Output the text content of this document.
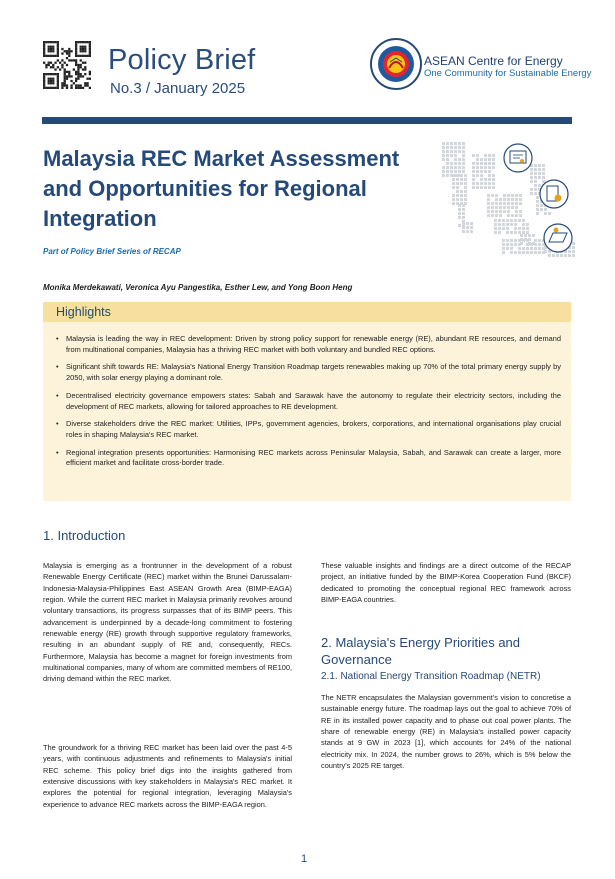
Policy Brief
No.3 / January 2025
ASEAN Centre for Energy
One Community for Sustainable Energy
Malaysia REC Market Assessment and Opportunities for Regional Integration
Part of Policy Brief Series of RECAP
Monika Merdekawati, Veronica Ayu Pangestika, Esther Lew, and Yong Boon Heng
Highlights
• Malaysia is leading the way in REC development: Driven by strong policy support for renewable energy (RE), abundant RE resources, and demand from multinational companies, Malaysia has a thriving REC market with both voluntary and bundled REC options.
• Significant shift towards RE: Malaysia's National Energy Transition Roadmap targets renewables making up 70% of the total primary energy supply by 2050, with solar energy playing a dominant role.
• Decentralised electricity governance empowers states: Sabah and Sarawak have the autonomy to regulate their electricity sectors, including the development of REC markets, allowing for tailored approaches to RE development.
• Diverse stakeholders drive the REC market: Utilities, IPPs, government agencies, brokers, corporations, and international organisations play crucial roles in shaping Malaysia's REC market.
• Regional integration presents opportunities: Harmonising REC markets across Peninsular Malaysia, Sabah, and Sarawak can create a larger, more efficient market and facilitate cross-border trade.
1. Introduction

Malaysia is emerging as a frontrunner in the development of a robust Renewable Energy Certificate (REC) market within the Brunei Darussalam-Indonesia-Malaysia-Philippines East ASEAN Growth Area (BIMP-EAGA) region. While the current REC market in Malaysia primarily revolves around voluntary transactions, its progress surpasses that of its BIMP peers. This advancement is underpinned by a decade-long commitment to fostering renewable energy (RE) growth through supportive regulatory frameworks, resulting in an abundant supply of RE and, consequently, RECs. Furthermore, Malaysia has become a magnet for foreign investments from multinational companies, many of whom are committed members of RE100, driving demand within the REC market.

The groundwork for a thriving REC market has been laid over the past 4-5 years, with continuous adjustments and refinements to Malaysia's initial REC scheme. This policy brief digs into the insights gathered from extensive discussions with key stakeholders in Malaysia's REC market. It explores the potential for regional integration, leveraging Malaysia's experience to advance REC markets across the BIMP-EAGA region.

These valuable insights and findings are a direct outcome of the RECAP project, an initiative funded by the BIMP-Korea Cooperation Fund (BKCF) dedicated to promoting the conceptual regional REC framework across BIMP-EAGA countries.

2. Malaysia's Energy Priorities and Governance
2.1. National Energy Transition Roadmap (NETR)

The NETR encapsulates the Malaysian government's vision to concretise a sustainable energy future. The roadmap lays out the goal to achieve 70% of RE in its installed power capacity and to phase out coal power plants. The share of renewable energy (RE) in Malaysia's installed power capacity stands at 9 GW in 2023 [1], which accounts for 24% of the national electricity mix. In 2024, the number grows to 26%, which is 5% below the country's 2025 RE target.

1
